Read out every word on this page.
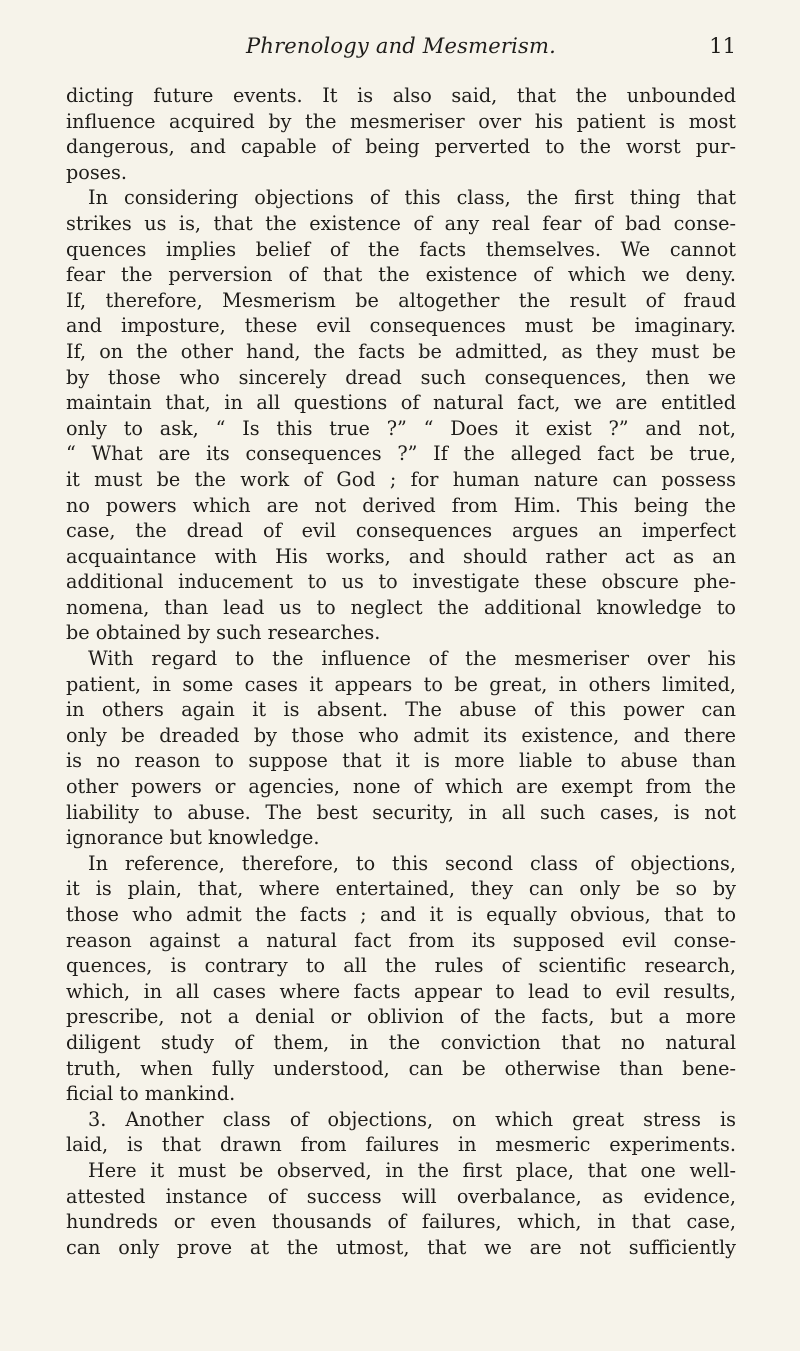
Phrenology and Mesmerism.	11
dicting future events. It is also said, that the unbounded
influence acquired by the mesmeriser over his patient is most
dangerous, and capable of being perverted to the worst pur-
poses.
In considering objections of this class, the first thing that
strikes us is, that the existence of any real fear of bad conse-
quences implies belief of the facts themselves. We cannot
fear the perversion of that the existence of which we deny.
If, therefore, Mesmerism be altogether the result of fraud
and imposture, these evil consequences must be imaginary.
If, on the other hand, the facts be admitted, as they must be
by those who sincerely dread such consequences, then we
maintain that, in all questions of natural fact, we are entitled
only to ask, “ Is this true ?” “ Does it exist ?” and not,
“ What are its consequences ?” If the alleged fact be true,
it must be the work of God ; for human nature can possess
no powers which are not derived from Him. This being the
case, the dread of evil consequences argues an imperfect
acquaintance with His works, and should rather act as an
additional inducement to us to investigate these obscure phe-
nomena, than lead us to neglect the additional knowledge to
be obtained by such researches.
With regard to the influence of the mesmeriser over his
patient, in some cases it appears to be great, in others limited,
in others again it is absent. The abuse of this power can
only be dreaded by those who admit its existence, and there
is no reason to suppose that it is more liable to abuse than
other powers or agencies, none of which are exempt from the
liability to abuse. The best security, in all such cases, is not
ignorance but knowledge.
In reference, therefore, to this second class of objections,
it is plain, that, where entertained, they can only be so by
those who admit the facts ; and it is equally obvious, that to
reason against a natural fact from its supposed evil conse-
quences, is contrary to all the rules of scientific research,
which, in all cases where facts appear to lead to evil results,
prescribe, not a denial or oblivion of the facts, but a more
diligent study of them, in the conviction that no natural
truth, when fully understood, can be otherwise than bene-
ficial to mankind.
3. Another class of objections, on which great stress is
laid, is that drawn from failures in mesmeric experiments.
Here it must be observed, in the first place, that one well-
attested instance of success will overbalance, as evidence,
hundreds or even thousands of failures, which, in that case,
can only prove at the utmost, that we are not sufficiently
